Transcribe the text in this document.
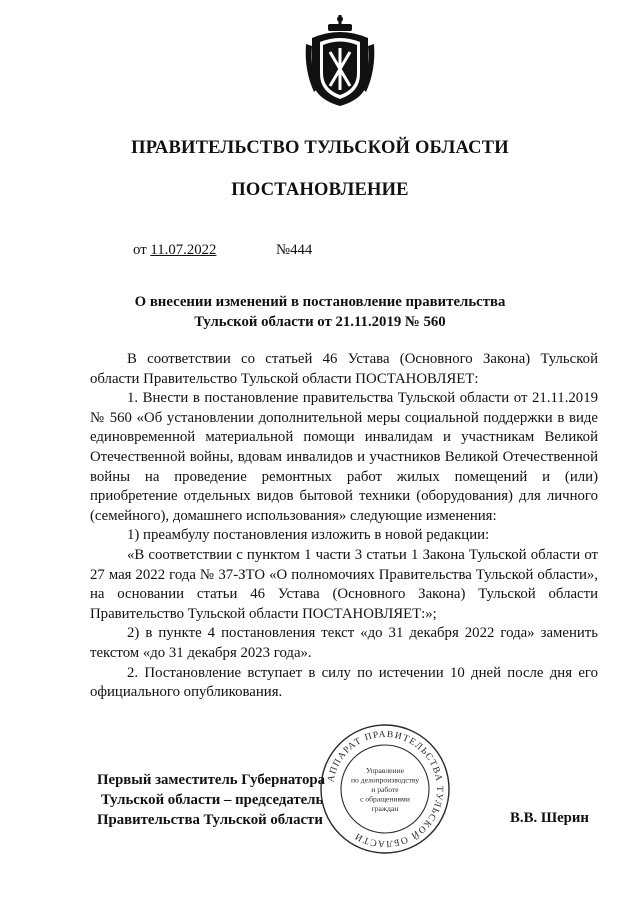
ПРАВИТЕЛЬСТВО ТУЛЬСКОЙ ОБЛАСТИ
ПОСТАНОВЛЕНИЕ
от 11.07.2022	№444
О внесении изменений в постановление правительства
Тульской области от 21.11.2019 № 560

В соответствии со статьей 46 Устава (Основного Закона) Тульской области Правительство Тульской области ПОСТАНОВЛЯЕТ:

1. Внести в постановление правительства Тульской области от 21.11.2019 № 560 «Об установлении дополнительной меры социальной поддержки в виде единовременной материальной помощи инвалидам и участникам Великой Отечественной войны, вдовам инвалидов и участников Великой Отечественной войны на проведение ремонтных работ жилых помещений и (или) приобретение отдельных видов бытовой техники (оборудования) для личного (семейного), домашнего использования» следующие изменения:

1) преамбулу постановления изложить в новой редакции:

«В соответствии с пунктом 1 части 3 статьи 1 Закона Тульской области от 27 мая 2022 года № 37-ЗТО «О полномочиях Правительства Тульской области», на основании статьи 46 Устава (Основного Закона) Тульской области Правительство Тульской области ПОСТАНОВЛЯЕТ:»;

2) в пункте 4 постановления текст «до 31 декабря 2022 года» заменить текстом «до 31 декабря 2023 года».

2. Постановление вступает в силу по истечении 10 дней после дня его официального опубликования.

Первый заместитель Губернатора
Тульской области – председатель
Правительства Тульской области	В.В. Шерин
АППАРАТ ПРАВИТЕЛЬСТВА ТУЛЬСКОЙ ОБЛАСТИ
Управление
по делопроизводству
и работе
с обращениями
граждан
